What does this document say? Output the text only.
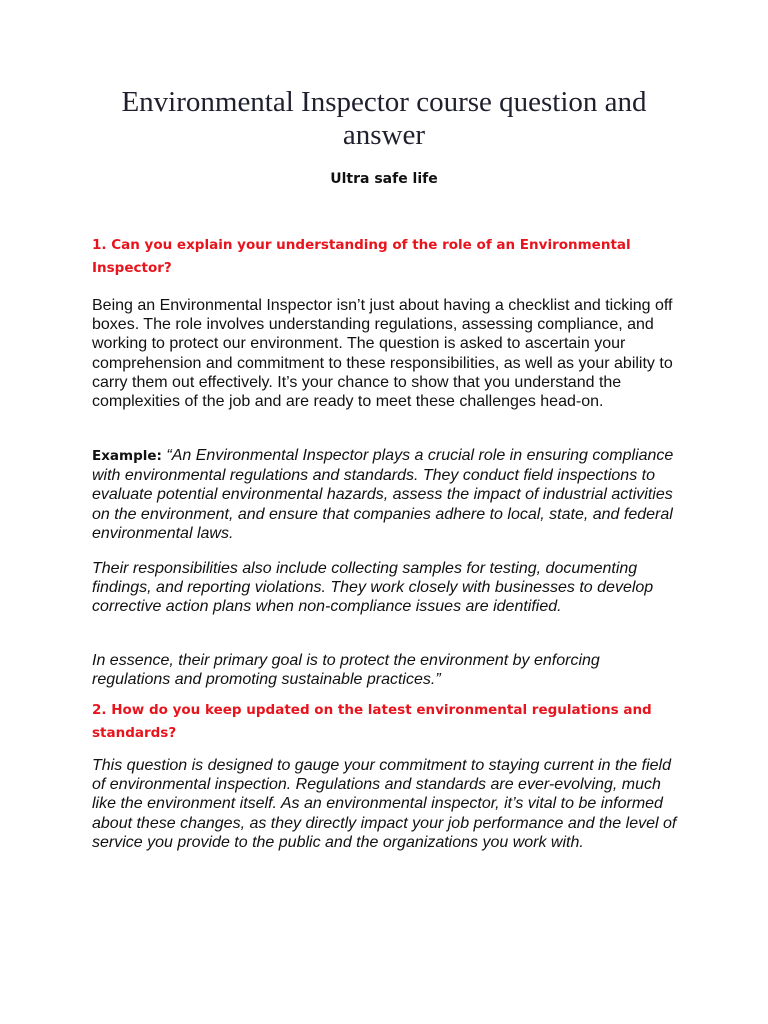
Environmental Inspector course question and answer
Ultra safe life

1. Can you explain your understanding of the role of an Environmental Inspector?

Being an Environmental Inspector isn’t just about having a checklist and ticking off boxes. The role involves understanding regulations, assessing compliance, and working to protect our environment. The question is asked to ascertain your comprehension and commitment to these responsibilities, as well as your ability to carry them out effectively. It’s your chance to show that you understand the complexities of the job and are ready to meet these challenges head-on.

Example: “An Environmental Inspector plays a crucial role in ensuring compliance with environmental regulations and standards. They conduct field inspections to evaluate potential environmental hazards, assess the impact of industrial activities on the environment, and ensure that companies adhere to local, state, and federal environmental laws.

Their responsibilities also include collecting samples for testing, documenting findings, and reporting violations. They work closely with businesses to develop corrective action plans when non-compliance issues are identified.

In essence, their primary goal is to protect the environment by enforcing regulations and promoting sustainable practices.”

2. How do you keep updated on the latest environmental regulations and standards?

This question is designed to gauge your commitment to staying current in the field of environmental inspection. Regulations and standards are ever-evolving, much like the environment itself. As an environmental inspector, it’s vital to be informed about these changes, as they directly impact your job performance and the level of service you provide to the public and the organizations you work with.
